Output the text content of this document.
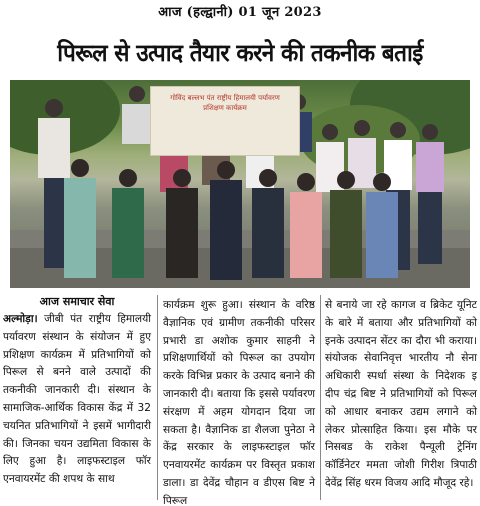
आज (हल्द्वानी) 01 जून 2023
पिरूल से उत्पाद तैयार करने की तकनीक बताई
गोविंद बल्लभ पंत राष्ट्रीय हिमालयी पर्यावरण
प्रशिक्षण कार्यक्रम
आज समाचार सेवा
अल्मोड़ा। जीबी पंत राष्ट्रीय हिमालयी पर्यावरण संस्थान के संयोजन में हुए प्रशिक्षण कार्यक्रम में प्रतिभागियों को पिरूल से बनने वाले उत्पादों की तकनीकी जानकारी दी। संस्थान के सामाजिक-आर्थिक विकास केंद्र में 32 चयनित प्रतिभागियों ने इसमें भागीदारी की। जिनका चयन उद्यमिता विकास के लिए हुआ है। लाइफस्टाइल फॉर एनवायरमेंट की शपथ के साथ
कार्यक्रम शुरू हुआ। संस्थान के वरिष्ठ वैज्ञानिक एवं ग्रामीण तकनीकी परिसर प्रभारी डा अशोक कुमार साहनी ने प्रशिक्षणार्थियों को पिरूल का उपयोग करके विभिन्न प्रकार के उत्पाद बनाने की जानकारी दी। बताया कि इससे पर्यावरण संरक्षण में अहम योगदान दिया जा सकता है। वैज्ञानिक डा शैलजा पुनेठा ने केंद्र सरकार के लाइफस्टाइल फॉर एनवायरमेंट कार्यक्रम पर विस्तृत प्रकाश डाला। डा देवेंद्र चौहान व डीएस बिष्ट ने पिरूल
से बनाये जा रहे कागज व ब्रिकेट यूनिट के बारे में बताया और प्रतिभागियों को इनके उत्पादन सेंटर का दौरा भी कराया। संयोजक सेवानिवृत्त भारतीय नौ सेना अधिकारी स्पर्धा संस्था के निदेशक इ दीप चंद्र बिष्ट ने प्रतिभागियों को पिरूल को आधार बनाकर उद्यम लगाने को लेकर प्रोत्साहित किया। इस मौके पर निसबड के राकेश पैन्यूली ट्रेनिंग कॉर्डिनेटर ममता जोशी गिरीश त्रिपाठी देवेंद्र सिंह धरम विजय आदि मौजूद रहे।
